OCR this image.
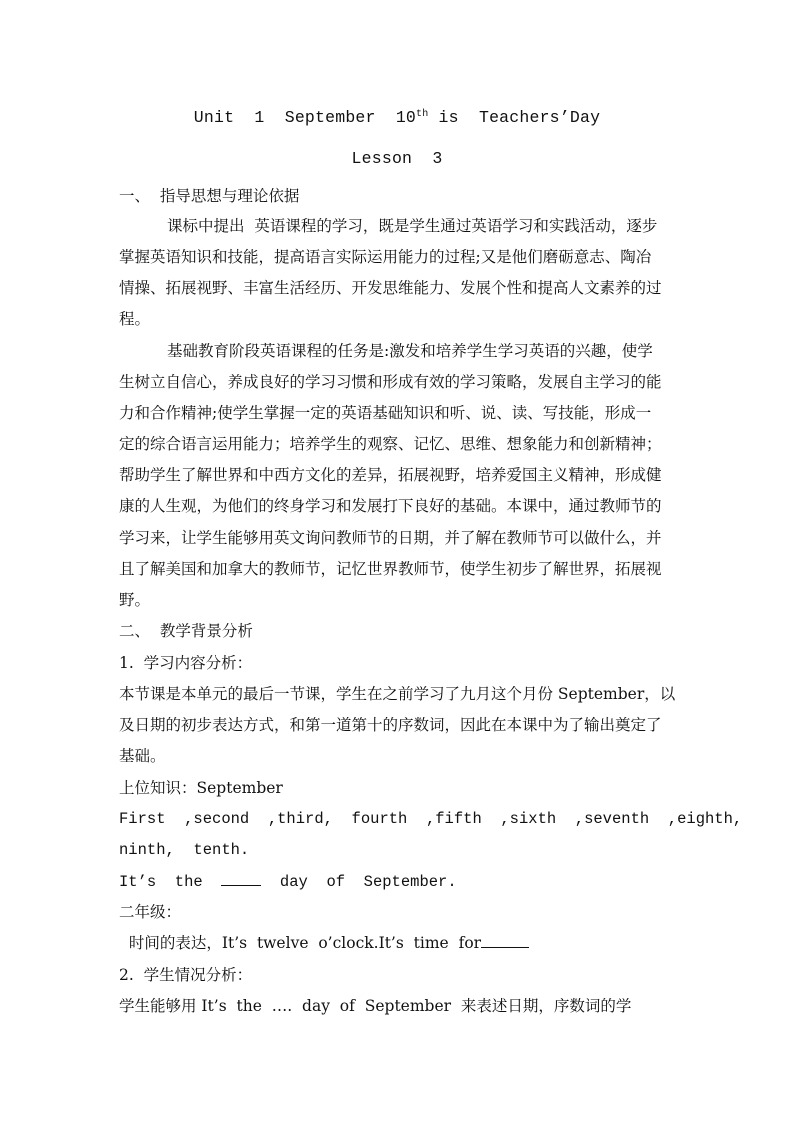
Unit  1  September  10th is  Teachers’Day
Lesson  3
一、  指导思想与理论依据
课标中提出  英语课程的学习，既是学生通过英语学习和实践活动，逐步
掌握英语知识和技能，提高语言实际运用能力的过程;又是他们磨砺意志、陶冶
情操、拓展视野、丰富生活经历、开发思维能力、发展个性和提高人文素养的过
程。
基础教育阶段英语课程的任务是:激发和培养学生学习英语的兴趣，使学
生树立自信心，养成良好的学习习惯和形成有效的学习策略，发展自主学习的能
力和合作精神;使学生掌握一定的英语基础知识和听、说、读、写技能，形成一
定的综合语言运用能力；培养学生的观察、记忆、思维、想象能力和创新精神；
帮助学生了解世界和中西方文化的差异，拓展视野，培养爱国主义精神，形成健
康的人生观，为他们的终身学习和发展打下良好的基础。本课中，通过教师节的
学习来，让学生能够用英文询问教师节的日期，并了解在教师节可以做什么，并
且了解美国和加拿大的教师节，记忆世界教师节，使学生初步了解世界，拓展视
野。
二、  教学背景分析
1.  学习内容分析：
本节课是本单元的最后一节课，学生在之前学习了九月这个月份 September，以
及日期的初步表达方式，和第一道第十的序数词，因此在本课中为了输出奠定了
基础。
上位知识：September
First  ,second  ,third,  fourth  ,fifth  ,sixth  ,seventh  ,eighth,
ninth,  tenth.
It’s  the	day  of  September.
二年级：
时间的表达，It’s  twelve  o’clock.It’s  time  for
2.  学生情况分析：
学生能够用 It’s  the  ….  day  of  September  来表述日期，序数词的学
